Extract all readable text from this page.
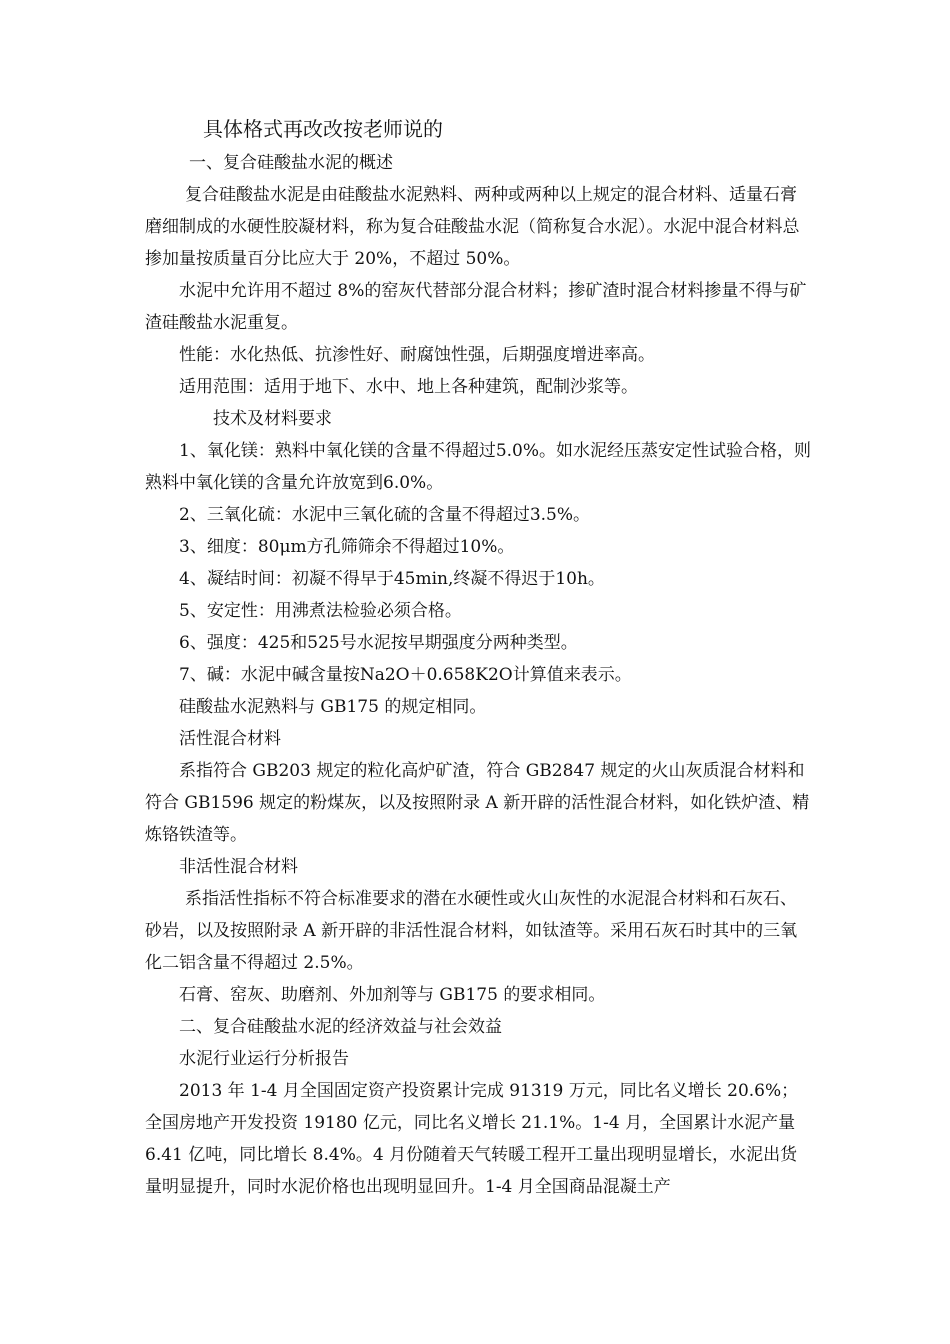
具体格式再改改按老师说的

一、复合硅酸盐水泥的概述

复合硅酸盐水泥是由硅酸盐水泥熟料、两种或两种以上规定的混合材料、适量石膏磨细制成的水硬性胶凝材料，称为复合硅酸盐水泥（简称复合水泥）。水泥中混合材料总掺加量按质量百分比应大于 20%，不超过 50%。

水泥中允许用不超过 8%的窑灰代替部分混合材料；掺矿渣时混合材料掺量不得与矿渣硅酸盐水泥重复。

性能：水化热低、抗渗性好、耐腐蚀性强，后期强度增进率高。

适用范围：适用于地下、水中、地上各种建筑，配制沙浆等。

技术及材料要求

1、氧化镁：熟料中氧化镁的含量不得超过5.0%。如水泥经压蒸安定性试验合格，则熟料中氧化镁的含量允许放宽到6.0%。

2、三氧化硫：水泥中三氧化硫的含量不得超过3.5%。

3、细度：80μm方孔筛筛余不得超过10%。

4、凝结时间：初凝不得早于45min,终凝不得迟于10h。

5、安定性：用沸煮法检验必须合格。

6、强度：425和525号水泥按早期强度分两种类型。

7、碱：水泥中碱含量按Na2O＋0.658K2O计算值来表示。

硅酸盐水泥熟料与 GB175 的规定相同。

活性混合材料

系指符合 GB203 规定的粒化高炉矿渣，符合 GB2847 规定的火山灰质混合材料和符合 GB1596 规定的粉煤灰，以及按照附录 A 新开辟的活性混合材料，如化铁炉渣、精炼铬铁渣等。

非活性混合材料

系指活性指标不符合标准要求的潜在水硬性或火山灰性的水泥混合材料和石灰石、砂岩，以及按照附录 A 新开辟的非活性混合材料，如钛渣等。采用石灰石时其中的三氧化二铝含量不得超过 2.5%。

石膏、窑灰、助磨剂、外加剂等与 GB175 的要求相同。

二、复合硅酸盐水泥的经济效益与社会效益

水泥行业运行分析报告

2013 年 1-4 月全国固定资产投资累计完成 91319 万元，同比名义增长 20.6%；全国房地产开发投资 19180 亿元，同比名义增长 21.1%。1-4 月，全国累计水泥产量 6.41 亿吨，同比增长 8.4%。4 月份随着天气转暖工程开工量出现明显增长，水泥出货量明显提升，同时水泥价格也出现明显回升。1-4 月全国商品混凝土产
